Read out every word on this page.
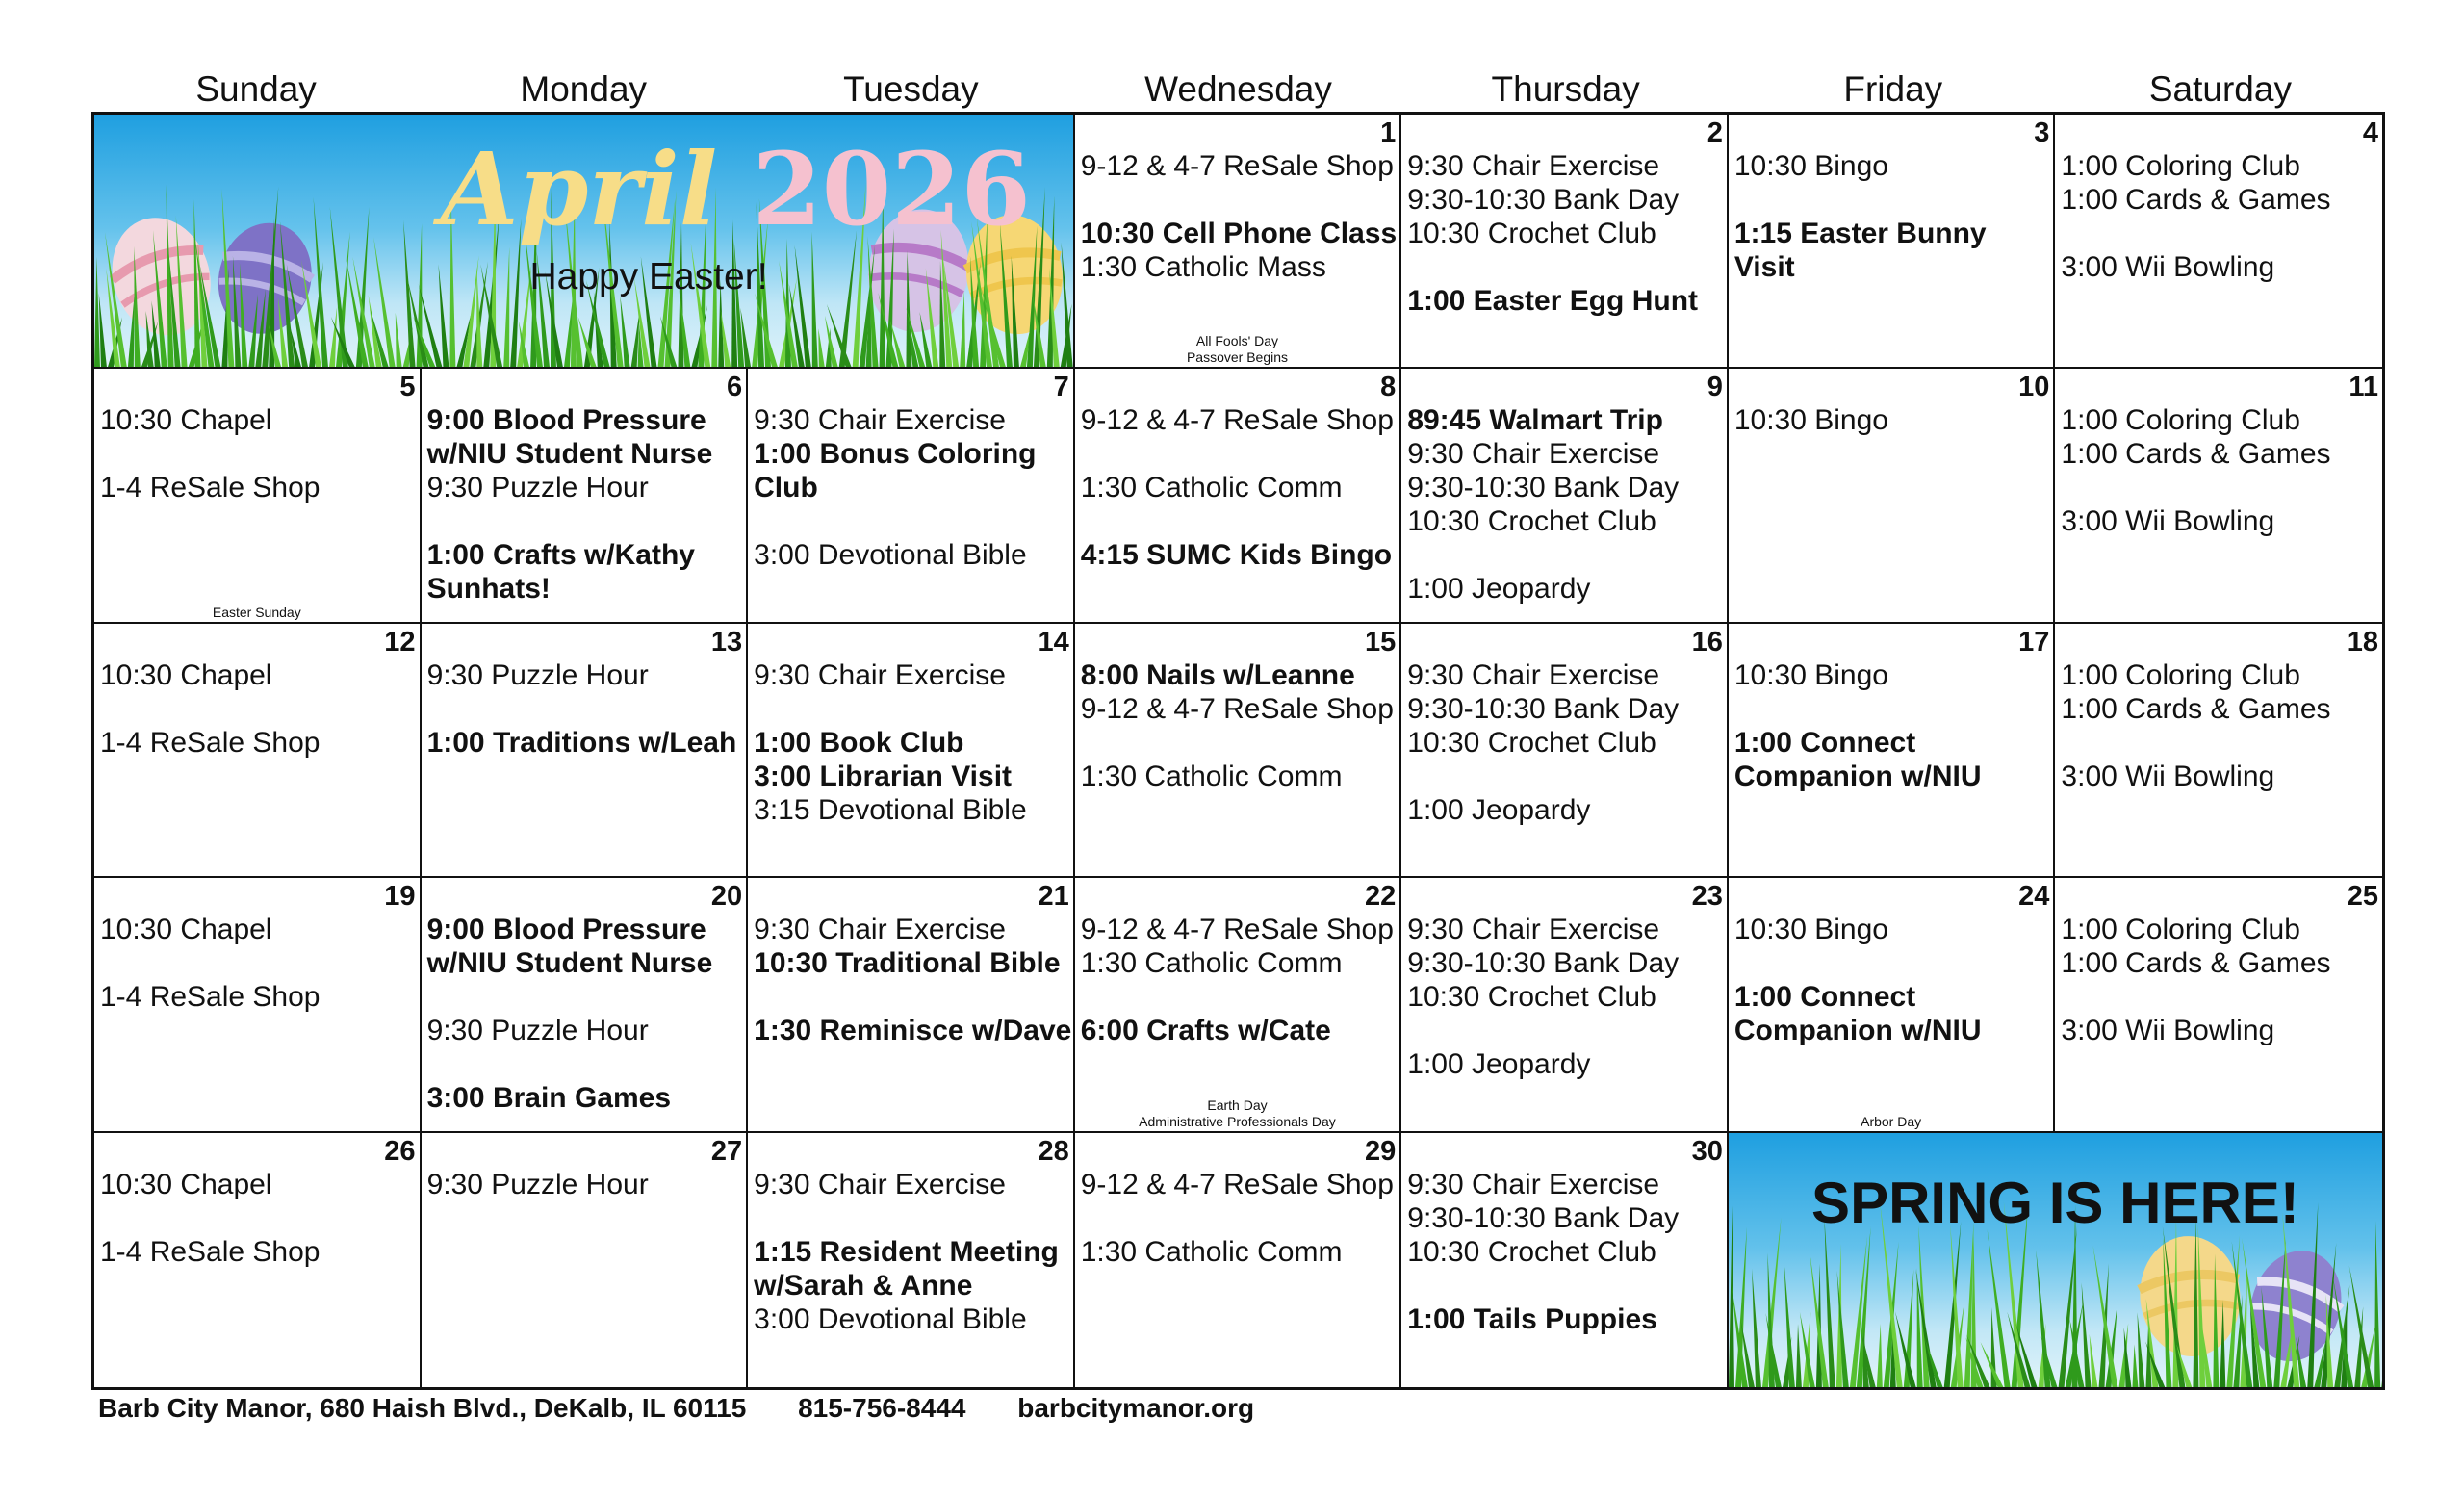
Sunday	Monday	Tuesday	Wednesday	Thursday	Friday	Saturday
April 2026
Happy Easter!
1
9-12 & 4-7 ReSale Shop
10:30 Cell Phone Class
1:30 Catholic Mass
All Fools' Day
Passover Begins
2
9:30 Chair Exercise
9:30-10:30 Bank Day
10:30 Crochet Club
1:00 Easter Egg Hunt
3
10:30 Bingo
1:15 Easter Bunny Visit
4
1:00 Coloring Club
1:00 Cards & Games
3:00 Wii Bowling
5
10:30 Chapel
1-4 ReSale Shop
Easter Sunday
6
9:00 Blood Pressure w/NIU Student Nurse
9:30 Puzzle Hour
1:00 Crafts w/Kathy Sunhats!
7
9:30 Chair Exercise
1:00 Bonus Coloring Club
3:00 Devotional Bible
8
9-12 & 4-7 ReSale Shop
1:30 Catholic Comm
4:15 SUMC Kids Bingo
9
89:45 Walmart Trip
9:30 Chair Exercise
9:30-10:30 Bank Day
10:30 Crochet Club
1:00 Jeopardy
10
10:30 Bingo
11
1:00 Coloring Club
1:00 Cards & Games
3:00 Wii Bowling
12
10:30 Chapel
1-4 ReSale Shop
13
9:30 Puzzle Hour
1:00 Traditions w/Leah
14
9:30 Chair Exercise
1:00 Book Club
3:00 Librarian Visit
3:15 Devotional Bible
15
8:00 Nails w/Leanne
9-12 & 4-7 ReSale Shop
1:30 Catholic Comm
16
9:30 Chair Exercise
9:30-10:30 Bank Day
10:30 Crochet Club
1:00 Jeopardy
17
10:30 Bingo
1:00 Connect Companion w/NIU
18
1:00 Coloring Club
1:00 Cards & Games
3:00 Wii Bowling
19
10:30 Chapel
1-4 ReSale Shop
20
9:00 Blood Pressure w/NIU Student Nurse
9:30 Puzzle Hour
3:00 Brain Games
21
9:30 Chair Exercise
10:30 Traditional Bible
1:30 Reminisce w/Dave
22
9-12 & 4-7 ReSale Shop
1:30 Catholic Comm
6:00 Crafts w/Cate
Earth Day
Administrative Professionals Day
23
9:30 Chair Exercise
9:30-10:30 Bank Day
10:30 Crochet Club
1:00 Jeopardy
24
10:30 Bingo
1:00 Connect Companion w/NIU
Arbor Day
25
1:00 Coloring Club
1:00 Cards & Games
3:00 Wii Bowling
26
10:30 Chapel
1-4 ReSale Shop
27
9:30 Puzzle Hour
28
9:30 Chair Exercise
1:15 Resident Meeting w/Sarah & Anne
3:00 Devotional Bible
29
9-12 & 4-7 ReSale Shop
1:30 Catholic Comm
30
9:30 Chair Exercise
9:30-10:30 Bank Day
10:30 Crochet Club
1:00 Tails Puppies
SPRING IS HERE!
Barb City Manor, 680 Haish Blvd., DeKalb, IL 60115 815-756-8444 barbcitymanor.org
